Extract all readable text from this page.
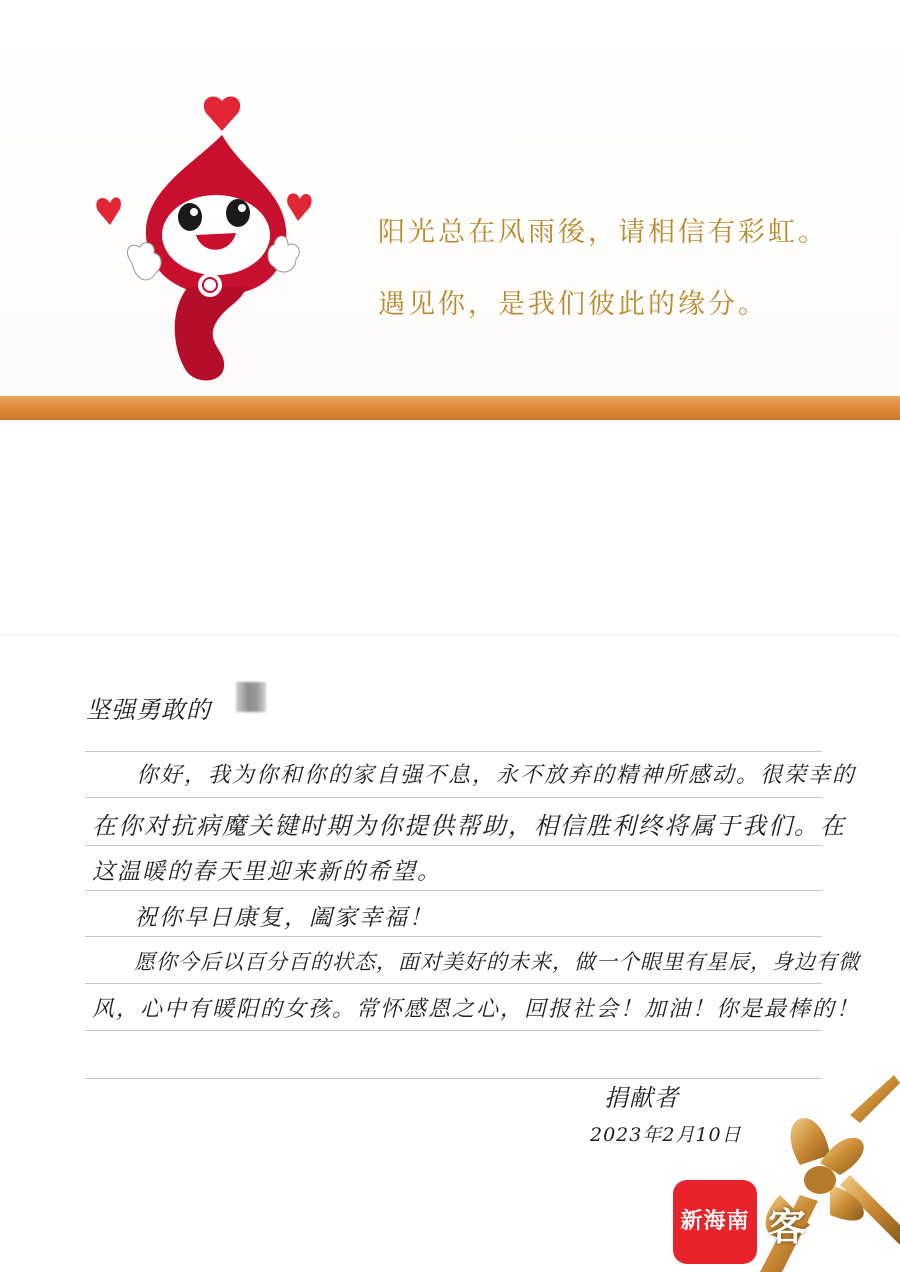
阳光总在风雨後，请相信有彩虹。
遇见你，是我们彼此的缘分。
坚强勇敢的
你好，我为你和你的家自强不息，永不放弃的精神所感动。很荣幸的
在你对抗病魔关键时期为你提供帮助，相信胜利终将属于我们。在
这温暖的春天里迎来新的希望。
祝你早日康复，阖家幸福！
愿你今后以百分百的状态，面对美好的未来，做一个眼里有星辰，身边有微
风，心中有暖阳的女孩。常怀感恩之心，回报社会！加油！你是最棒的！
捐献者
2023年2月10日
新海南 客
